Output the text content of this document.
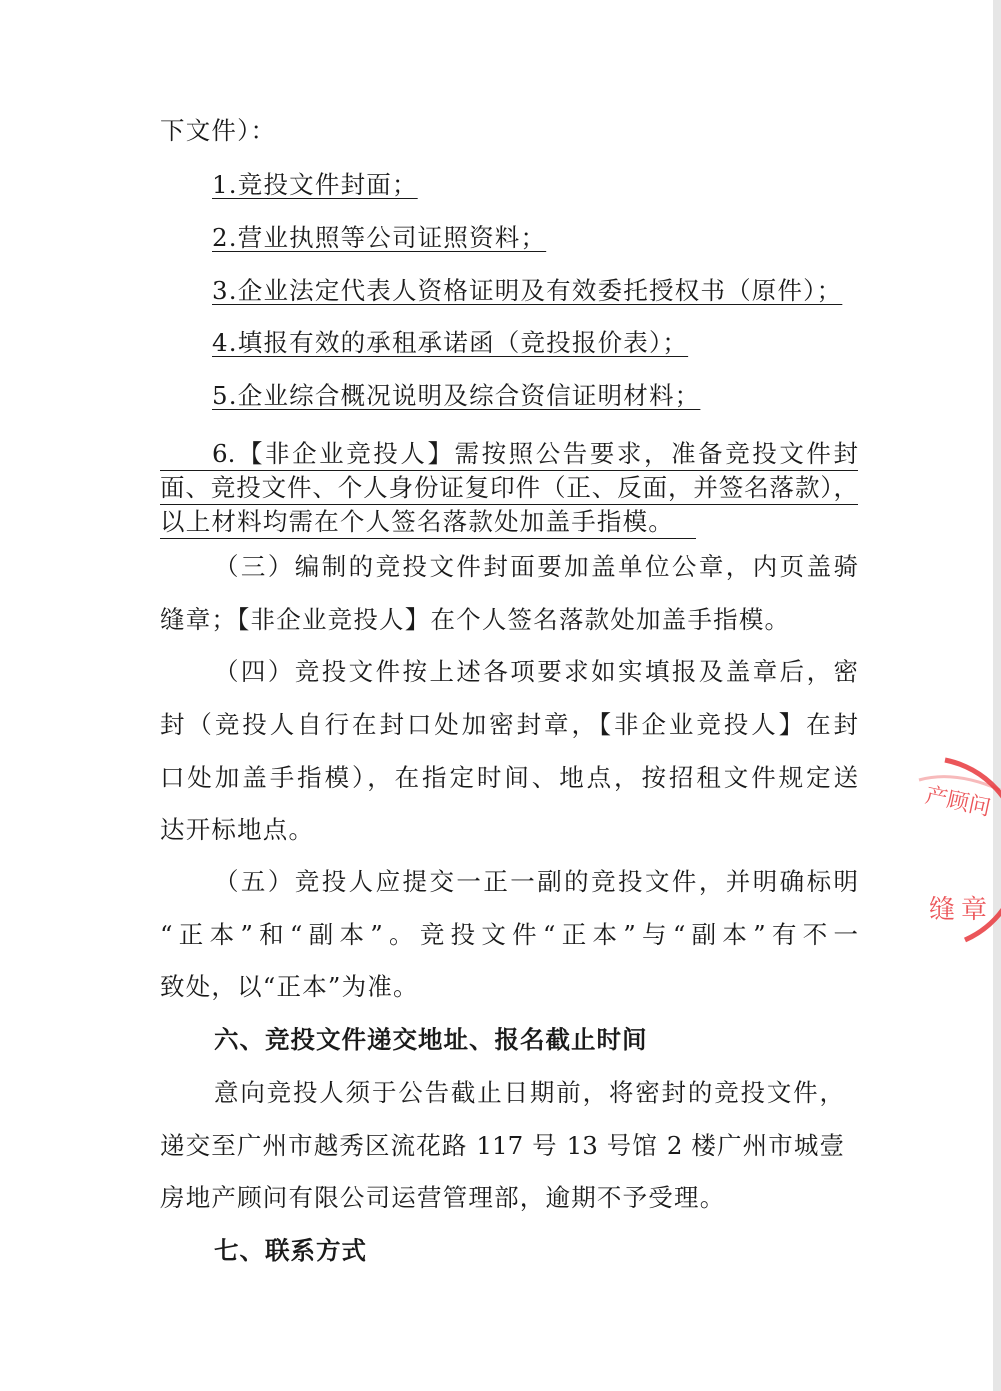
下文件）：
1.竞投文件封面；
2.营业执照等公司证照资料；
3.企业法定代表人资格证明及有效委托授权书（原件）；
4.填报有效的承租承诺函（竞投报价表）；
5.企业综合概况说明及综合资信证明材料；
6.【非企业竞投人】需按照公告要求，准备竞投文件封
面、竞投文件、个人身份证复印件（正、反面，并签名落款），
以上材料均需在个人签名落款处加盖手指模。
（三）编制的竞投文件封面要加盖单位公章，内页盖骑
缝章；【非企业竞投人】在个人签名落款处加盖手指模。
（四）竞投文件按上述各项要求如实填报及盖章后，密
封（竞投人自行在封口处加密封章，【非企业竞投人】在封
口处加盖手指模），在指定时间、地点，按招租文件规定送
达开标地点。
（五）竞投人应提交一正一副的竞投文件，并明确标明
“正本”和“副本”。竞投文件“正本”与“副本”有不一
致处，以“正本”为准。
六、竞投文件递交地址、报名截止时间
意向竞投人须于公告截止日期前，将密封的竞投文件，
递交至广州市越秀区流花路 117 号 13 号馆 2 楼广州市城壹
房地产顾问有限公司运营管理部，逾期不予受理。
七、联系方式
产顾问
缝章
